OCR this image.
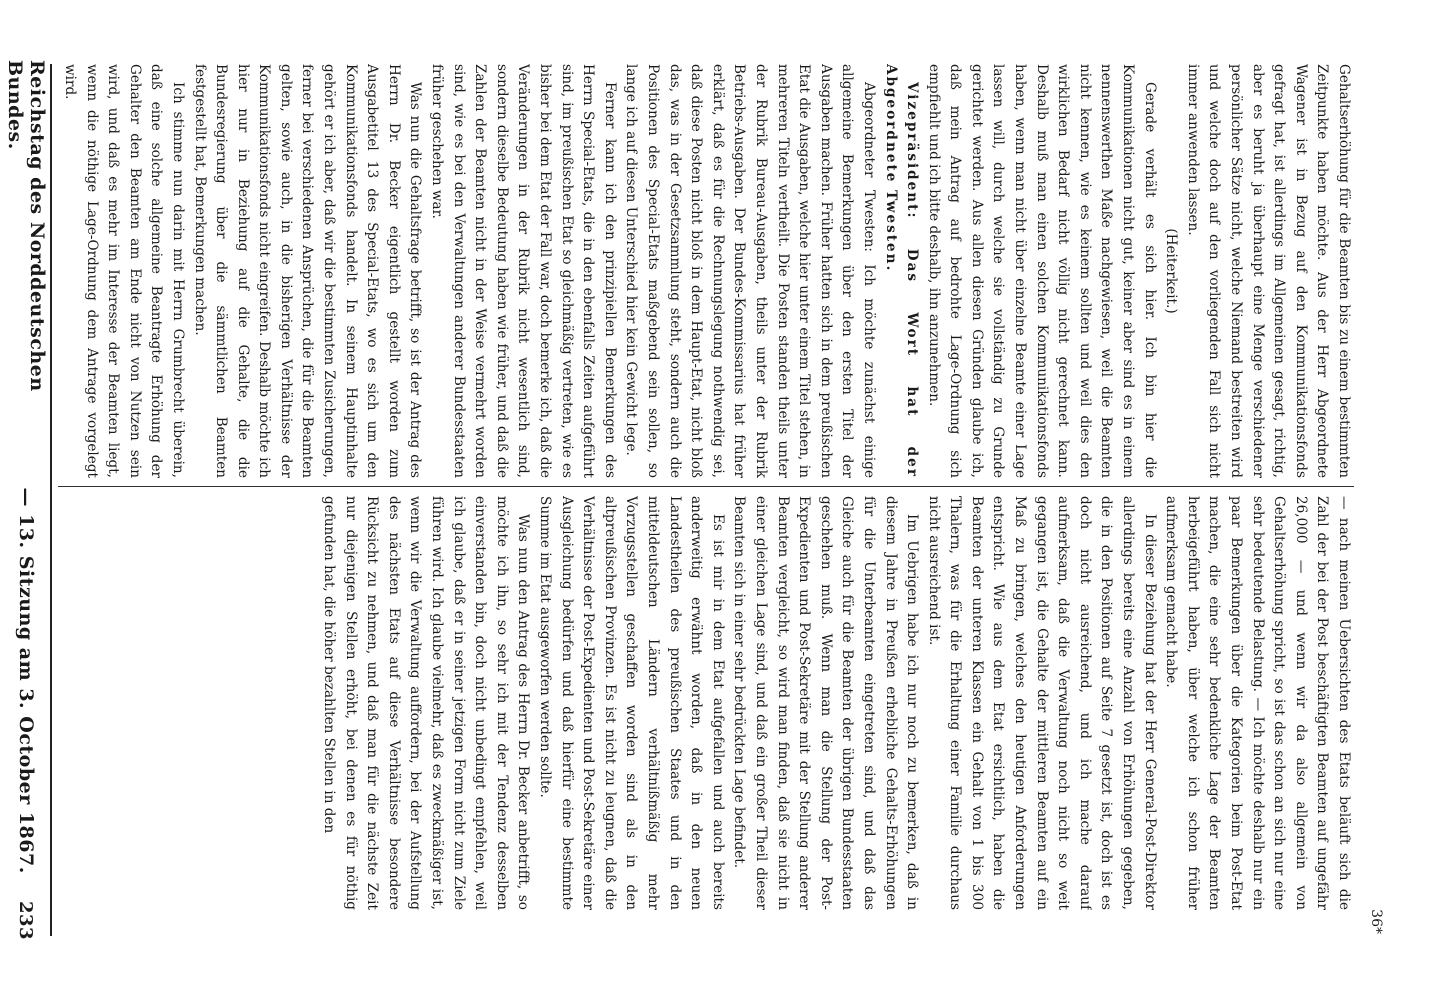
36*

Gehaltserhöhung für die Beamten bis zu einem bestimmten Zeitpunkte haben möchte. Aus der Herr Abgeordnete Wagener ist in Bezug auf den Kommunikationsfonds gefragt hat, ist allerdings im Allgemeinen gesagt, richtig, aber es beruht ja überhaupt eine Menge verschiedener persönlicher Sätze nicht, welche Niemand bestreiten wird und welche doch auf den vorliegenden Fall sich nicht immer anwenden lassen.

(Heiterkeit.)

Gerade verhält es sich hier. Ich bin hier die Kommunikationen nicht gut, keiner aber sind es in einem nennenswerthen Maße nachgewiesen, weil die Beamten nicht kennen, wie es keinem sollten und weil dies den wirklichen Bedarf nicht völlig nicht gerechnet kann. Deshalb muß man einen solchen Kommunikationsfonds haben, wenn man nicht über einzelne Beamte einer Lage lassen will, durch welche sie vollständig zu Grunde gerichtet werden. Aus allen diesen Gründen glaube ich, daß mein Antrag auf bedrohte Lage-Ordnung sich empfiehlt und ich bitte deshalb, ihn anzunehmen.

Vizepräsident: Das Wort hat der Abgeordnete Twesten.

Abgeordneter Twesten: Ich möchte zunächst einige allgemeine Bemerkungen über den ersten Titel der Ausgaben machen. Früher hatten sich in dem preußischen Etat die Ausgaben, welche hier unter einem Titel stehen, in mehreren Titeln vertheilt. Die Posten standen theils unter der Rubrik Bureau-Ausgaben, theils unter der Rubrik Betriebs-Ausgaben. Der Bundes-Kommissarius hat früher erklärt, daß es für die Rechnungslegung nothwendig sei, daß diese Posten nicht bloß in dem Haupt-Etat, nicht bloß das, was in der Gesetzsammlung steht, sondern auch die Positionen des Special-Etats maßgebend sein sollen, so lange ich auf diesen Unterschied hier kein Gewicht lege.

Ferner kann ich den prinzipiellen Bemerkungen des Herrn Special-Etats, die in den ebenfalls Zeiten aufgeführt sind, im preußischen Etat so gleichmäßig vertreten, wie es bisher bei dem Etat der Fall war, doch bemerke ich, daß die Veränderungen in der Rubrik nicht wesentlich sind, sondern dieselbe Bedeutung haben wie früher, und daß die Zahlen der Beamten nicht in der Weise vermehrt worden sind, wie es bei den Verwaltungen anderer Bundesstaaten früher geschehen war.

Was nun die Gehaltsfrage betrifft, so ist der Antrag des Herrn Dr. Becker eigentlich gestellt worden zum Ausgabetitel 13 des Special-Etats, wo es sich um den Kommunikationsfonds handelt. In seinem Hauptinhalte gehört er ich aber, daß wir die bestimmten Zusicherungen, ferner bei verschiedenen Ansprüchen, die für die Beamten gelten, sowie auch, in die bisherigen Verhältnisse der Kommunikationsfonds nicht eingreifen. Deshalb möchte ich hier nur in Beziehung auf die Gehalte, die die Bundesregierung über die sämmtlichen Beamten festgestellt hat, Bemerkungen machen.

Ich stimme nun darin mit Herrn Grumbrecht überein, daß eine solche allgemeine Beantragte Erhöhung der Gehalter den Beamten am Ende nicht von Nutzen sein wird, und daß es mehr im Interesse der Beamten liegt, wenn die nöthige Lage-Ordnung dem Antrage vorgelegt wird.

— nach meinen Uebersichten des Etats beläuft sich die Zahl der bei der Post beschäftigten Beamten auf ungefähr 26,000 — und wenn wir da also allgemein von Gehaltserhöhung spricht, so ist das schon an sich nur eine sehr bedeutende Belastung. — Ich möchte deshalb nur ein paar Bemerkungen über die Kategorien beim Post-Etat machen, die eine sehr bedenkliche Lage der Beamten herbeigeführt haben, über welche ich schon früher aufmerksam gemacht habe.

In dieser Beziehung hat der Herr General-Post-Direktor allerdings bereits eine Anzahl von Erhöhungen gegeben, die in den Positionen auf Seite 7 gesetzt ist, doch ist es doch nicht ausreichend, und ich mache darauf aufmerksam, daß die Verwaltung noch nicht so weit gegangen ist, die Gehalte der mittleren Beamten auf ein Maß zu bringen, welches den heutigen Anforderungen entspricht. Wie aus dem Etat ersichtlich, haben die Beamten der unteren Klassen ein Gehalt von 1 bis 300 Thalern, was für die Erhaltung einer Familie durchaus nicht ausreichend ist.

Im Uebrigen habe ich nur noch zu bemerken, daß in diesem Jahre in Preußen erhebliche Gehalts-Erhöhungen für die Unterbeamten eingetreten sind, und daß das Gleiche auch für die Beamten der übrigen Bundesstaaten geschehen muß. Wenn man die Stellung der Post-Expedienten und Post-Sekretäre mit der Stellung anderer Beamten vergleicht, so wird man finden, daß sie nicht in einer gleichen Lage sind, und daß ein großer Theil dieser Beamten sich in einer sehr bedrückten Lage befindet.

Es ist mir in dem Etat aufgefallen und auch bereits anderweitig erwähnt worden, daß in den neuen Landestheilen des preußischen Staates und in den mitteldeutschen Ländern verhältnißmäßig mehr Vorzugsstellen geschaffen worden sind als in den altpreußischen Provinzen. Es ist nicht zu leugnen, daß die Verhältnisse der Post-Expedienten und Post-Sekretäre einer Ausgleichung bedürfen und daß hierfür eine bestimmte Summe im Etat ausgeworfen werden sollte.

Was nun den Antrag des Herrn Dr. Becker anbetrifft, so möchte ich ihn, so sehr ich mit der Tendenz desselben einverstanden bin, doch nicht unbedingt empfehlen, weil ich glaube, daß er in seiner jetzigen Form nicht zum Ziele führen wird. Ich glaube vielmehr, daß es zweckmäßiger ist, wenn wir die Verwaltung auffordern, bei der Aufstellung des nächsten Etats auf diese Verhältnisse besondere Rücksicht zu nehmen, und daß man für die nächste Zeit nur diejenigen Stellen erhöht, bei denen es für nöthig gefunden hat, die höher bezahlten Stellen in den

Reichstag des Norddeutschen Bundes.
— 13. Sitzung am 3. October 1867.
233
